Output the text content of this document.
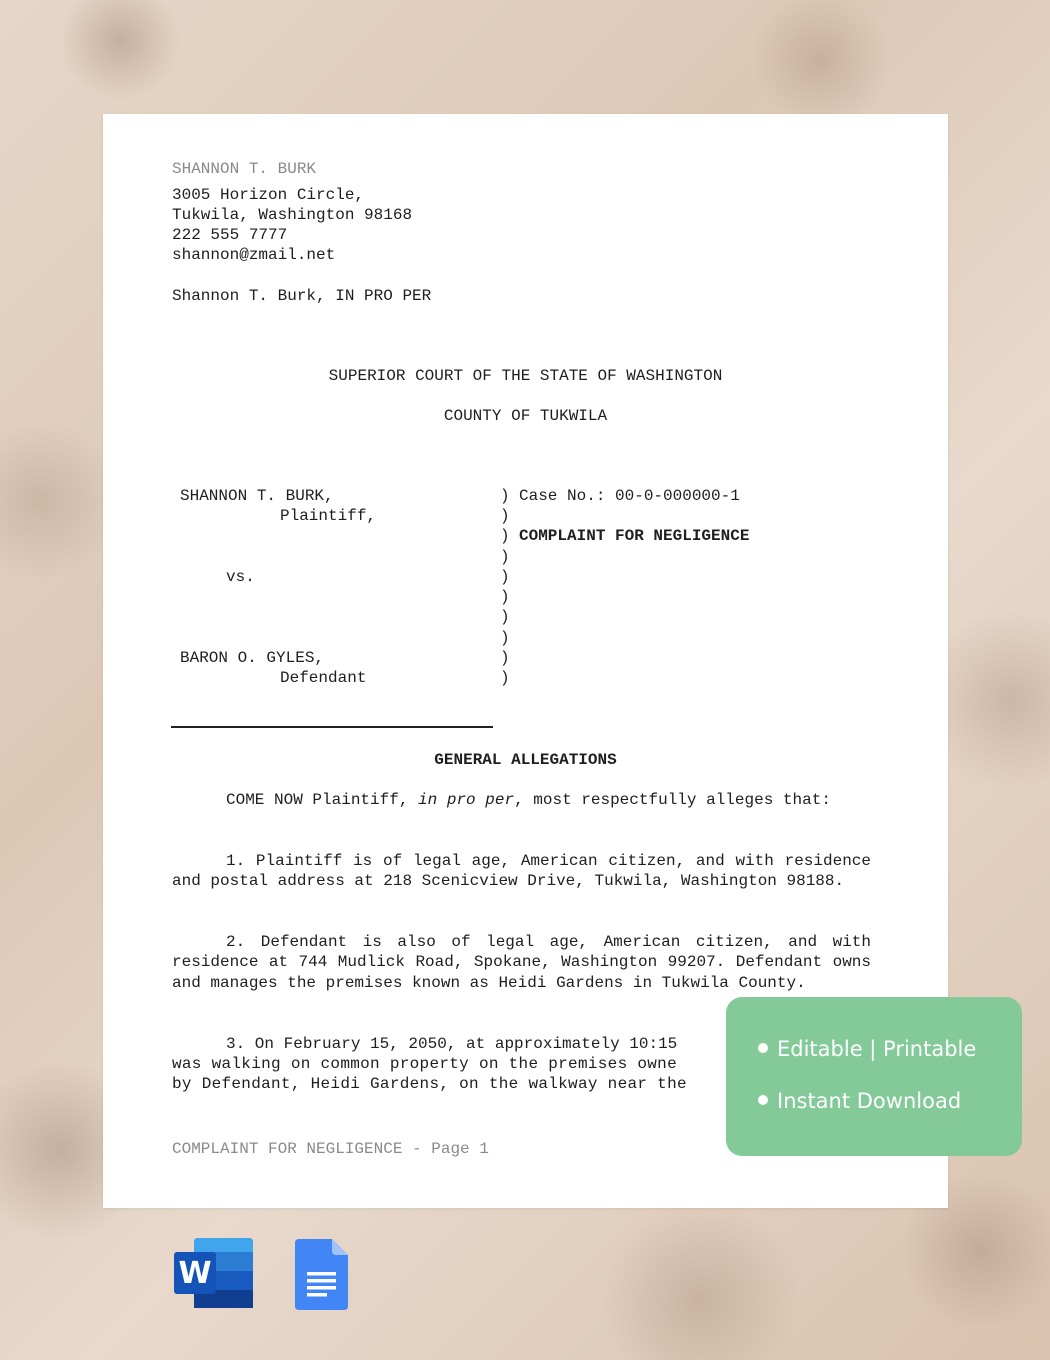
SHANNON T. BURK
3005 Horizon Circle,
Tukwila, Washington 98168
222 555 7777
shannon@zmail.net
Shannon T. Burk, IN PRO PER
SUPERIOR COURT OF THE STATE OF WASHINGTON
COUNTY OF TUKWILA
SHANNON T. BURK,
Plaintiff,
vs.
BARON O. GYLES,
Defendant
)
)
)
)
)
)
)
)
)
)
Case No.: 00-0-000000-1
COMPLAINT FOR NEGLIGENCE
GENERAL ALLEGATIONS
COME NOW Plaintiff, in pro per, most respectfully alleges that:
1. Plaintiff is of legal age, American citizen, and with residence and postal address at 218 Scenicview Drive, Tukwila, Washington 98188.
2. Defendant is also of legal age, American citizen, and with residence at 744 Mudlick Road, Spokane, Washington 99207. Defendant owns and manages the premises known as Heidi Gardens in Tukwila County.
3. On February 15, 2050, at approximately 10:15
was walking on common property on the premises owne
by Defendant, Heidi Gardens, on the walkway near the
COMPLAINT FOR NEGLIGENCE - Page 1
Editable | Printable
Instant Download
W
